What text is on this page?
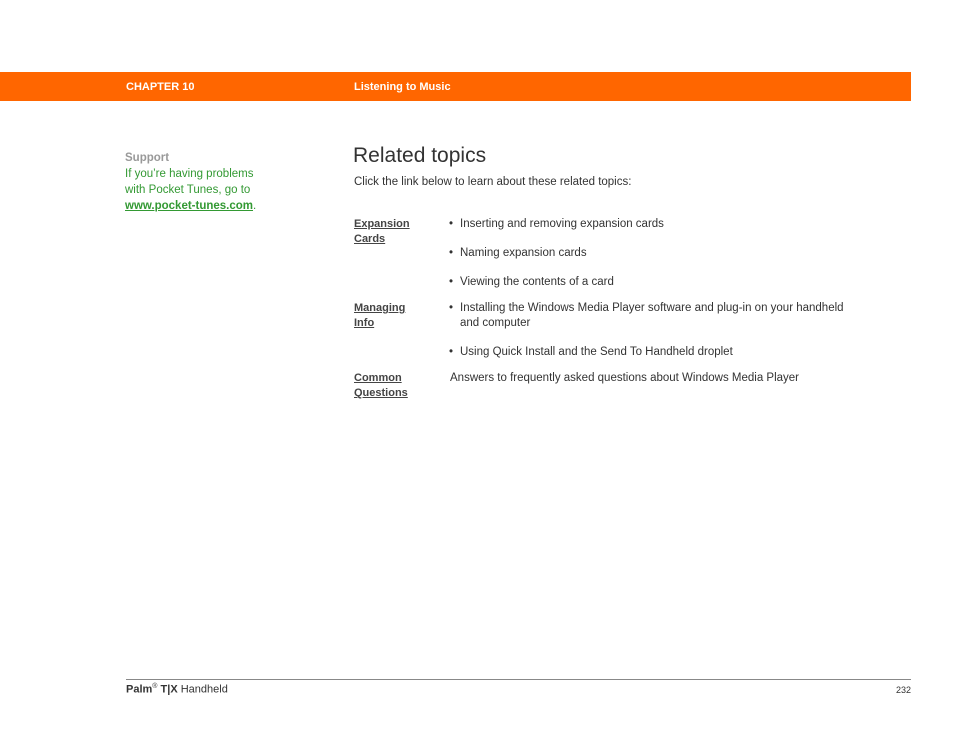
CHAPTER 10	Listening to Music
Support
If you’re having problems
with Pocket Tunes, go to
www.pocket-tunes.com.
Related topics
Click the link below to learn about these related topics:
Expansion
Cards
• Inserting and removing expansion cards
• Naming expansion cards
• Viewing the contents of a card
Managing
Info
• Installing the Windows Media Player software and plug-in on your handheld and computer
• Using Quick Install and the Send To Handheld droplet
Common
Questions
Answers to frequently asked questions about Windows Media Player
Palm® T|X Handheld	232
